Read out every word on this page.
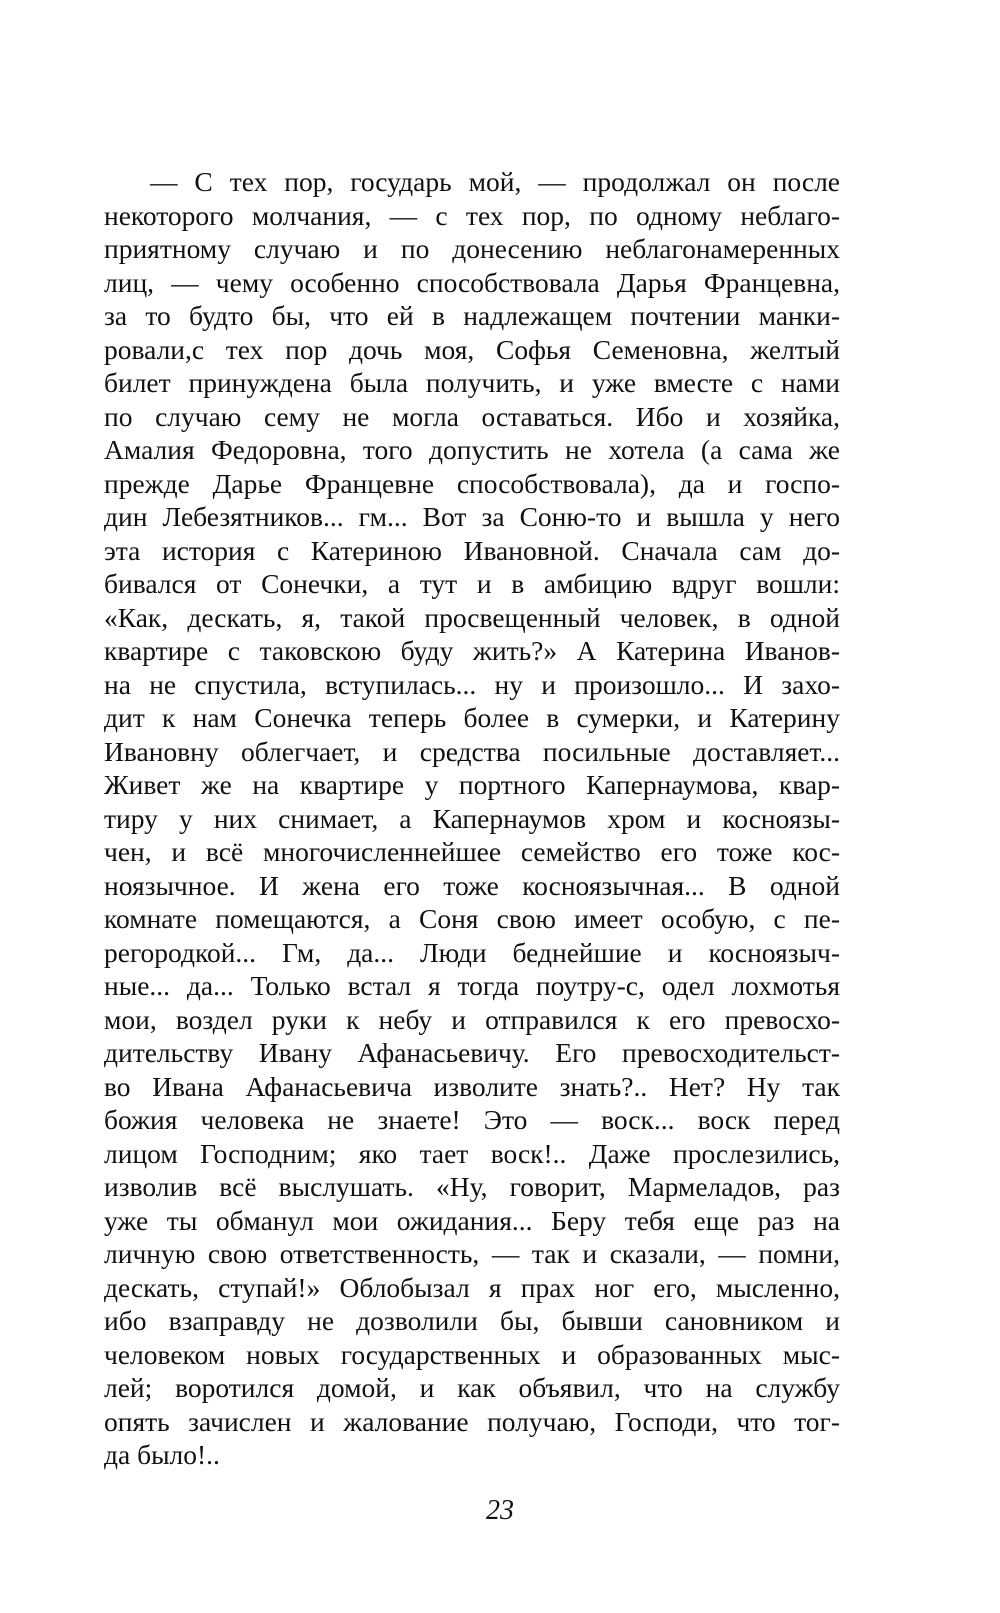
— С тех пор, государь мой, — продолжал он после
некоторого молчания, — с тех пор, по одному неблаго-
приятному случаю и по донесению неблагонамеренных
лиц, — чему особенно способствовала Дарья Францевна,
за то будто бы, что ей в надлежащем почтении манки-
ровали,с тех пор дочь моя, Софья Семеновна, желтый
билет принуждена была получить, и уже вместе с нами
по случаю сему не могла оставаться. Ибо и хозяйка,
Амалия Федоровна, того допустить не хотела (а сама же
прежде Дарье Францевне способствовала), да и госпо-
дин Лебезятников... гм... Вот за Соню-то и вышла у него
эта история с Катериною Ивановной. Сначала сам до-
бивался от Сонечки, а тут и в амбицию вдруг вошли:
«Как, дескать, я, такой просвещенный человек, в одной
квартире с таковскою буду жить?» А Катерина Иванов-
на не спустила, вступилась... ну и произошло... И захо-
дит к нам Сонечка теперь более в сумерки, и Катерину
Ивановну облегчает, и средства посильные доставляет...
Живет же на квартире у портного Капернаумова, квар-
тиру у них снимает, а Капернаумов хром и косноязы-
чен, и всё многочисленнейшее семейство его тоже кос-
ноязычное. И жена его тоже косноязычная... В одной
комнате помещаются, а Соня свою имеет особую, с пе-
регородкой... Гм, да... Люди беднейшие и косноязыч-
ные... да... Только встал я тогда поутру-с, одел лохмотья
мои, воздел руки к небу и отправился к его превосхо-
дительству Ивану Афанасьевичу. Его превосходительст-
во Ивана Афанасьевича изволите знать?.. Нет? Ну так
божия человека не знаете! Это — воск... воск перед
лицом Господним; яко тает воск!.. Даже прослезились,
изволив всё выслушать. «Ну, говорит, Мармеладов, раз
уже ты обманул мои ожидания... Беру тебя еще раз на
личную свою ответственность, — так и сказали, — помни,
дескать, ступай!» Облобызал я прах ног его, мысленно,
ибо взаправду не дозволили бы, бывши сановником и
человеком новых государственных и образованных мыс-
лей; воротился домой, и как объявил, что на службу
опять зачислен и жалование получаю, Господи, что тог-
да было!..
23
